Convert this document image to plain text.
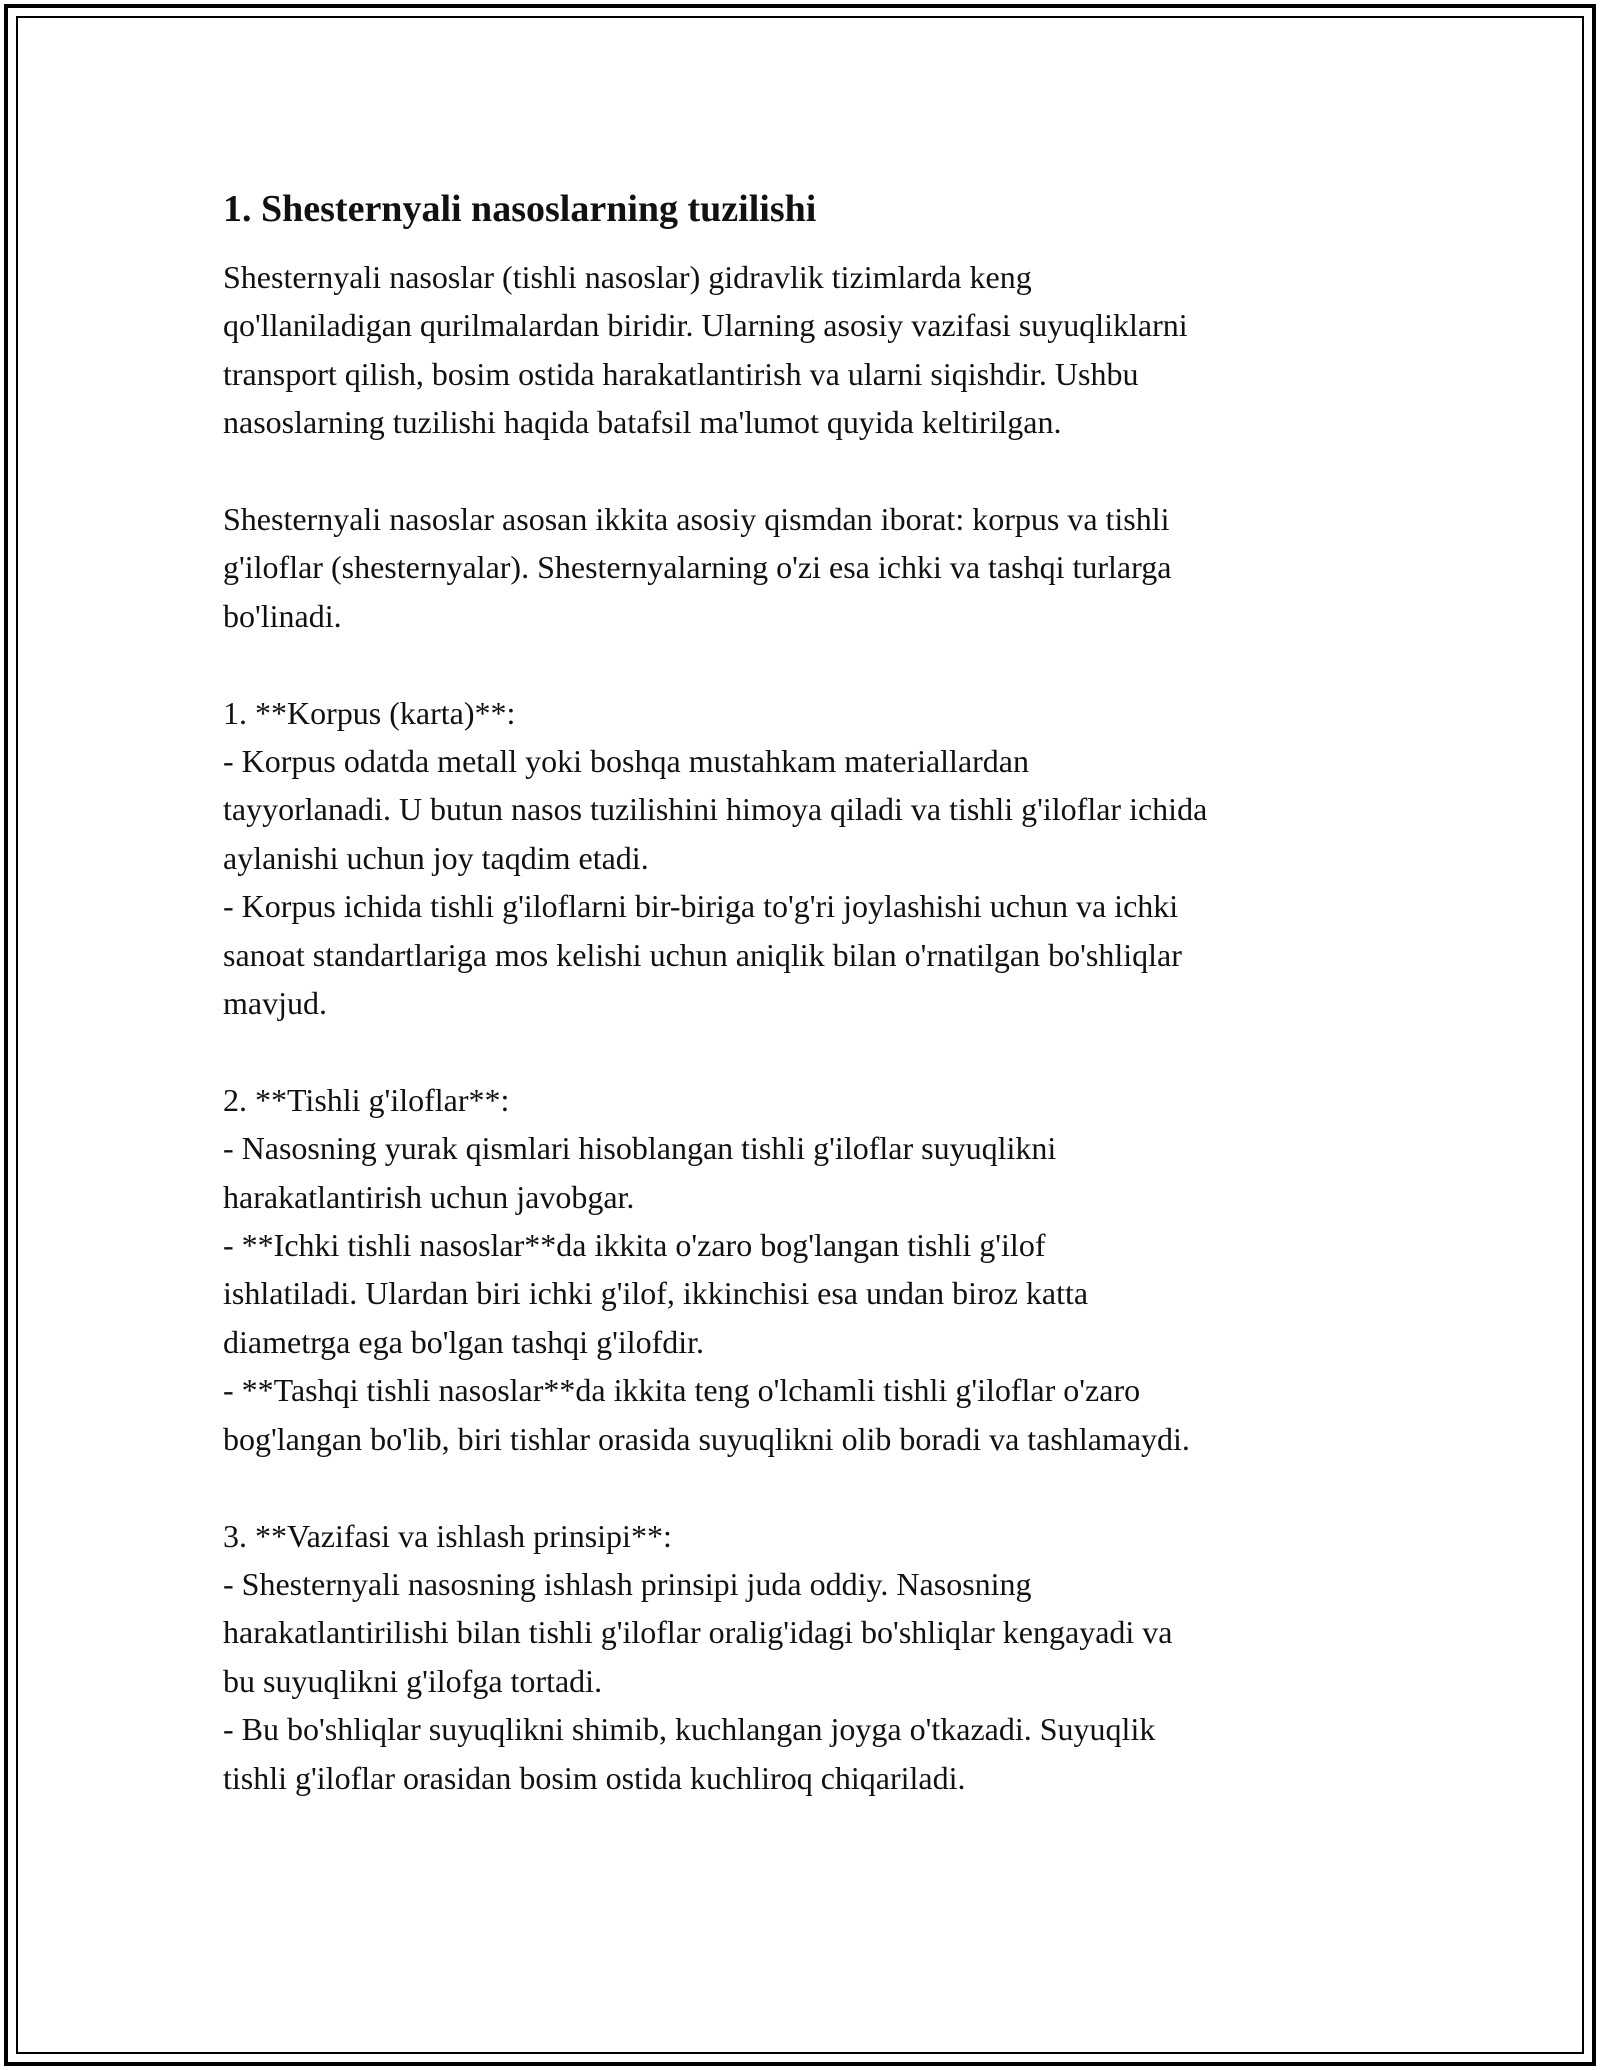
1. Shesternyali nasoslarning tuzilishi

Shesternyali nasoslar (tishli nasoslar) gidravlik tizimlarda keng
qo'llaniladigan qurilmalardan biridir. Ularning asosiy vazifasi suyuqliklarni
transport qilish, bosim ostida harakatlantirish va ularni siqishdir. Ushbu
nasoslarning tuzilishi haqida batafsil ma'lumot quyida keltirilgan.

Shesternyali nasoslar asosan ikkita asosiy qismdan iborat: korpus va tishli
g'iloflar (shesternyalar). Shesternyalarning o'zi esa ichki va tashqi turlarga
bo'linadi.

1. **Korpus (karta)**:
- Korpus odatda metall yoki boshqa mustahkam materiallardan
tayyorlanadi. U butun nasos tuzilishini himoya qiladi va tishli g'iloflar ichida
aylanishi uchun joy taqdim etadi.
- Korpus ichida tishli g'iloflarni bir-biriga to'g'ri joylashishi uchun va ichki
sanoat standartlariga mos kelishi uchun aniqlik bilan o'rnatilgan bo'shliqlar
mavjud.

2. **Tishli g'iloflar**:
- Nasosning yurak qismlari hisoblangan tishli g'iloflar suyuqlikni
harakatlantirish uchun javobgar.
- **Ichki tishli nasoslar**da ikkita o'zaro bog'langan tishli g'ilof
ishlatiladi. Ulardan biri ichki g'ilof, ikkinchisi esa undan biroz katta
diametrga ega bo'lgan tashqi g'ilofdir.
- **Tashqi tishli nasoslar**da ikkita teng o'lchamli tishli g'iloflar o'zaro
bog'langan bo'lib, biri tishlar orasida suyuqlikni olib boradi va tashlamaydi.

3. **Vazifasi va ishlash prinsipi**:
- Shesternyali nasosning ishlash prinsipi juda oddiy. Nasosning
harakatlantirilishi bilan tishli g'iloflar oralig'idagi bo'shliqlar kengayadi va
bu suyuqlikni g'ilofga tortadi.
- Bu bo'shliqlar suyuqlikni shimib, kuchlangan joyga o'tkazadi. Suyuqlik
tishli g'iloflar orasidan bosim ostida kuchliroq chiqariladi.
